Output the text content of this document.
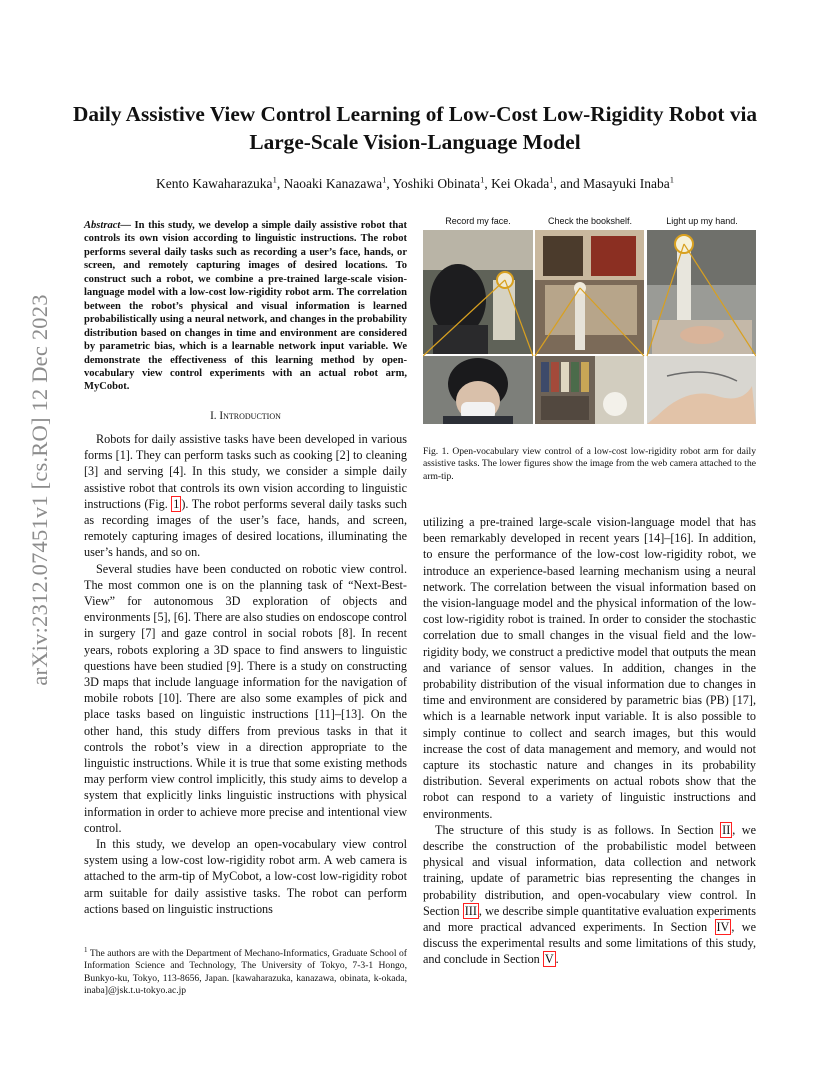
arXiv:2312.07451v1 [cs.RO] 12 Dec 2023
Daily Assistive View Control Learning of Low-Cost Low-Rigidity Robot via Large-Scale Vision-Language Model
Kento Kawaharazuka$^1$, Naoaki Kanazawa$^1$, Yoshiki Obinata$^1$, Kei Okada$^1$, and Masayuki Inaba$^1$
Abstract— In this study, we develop a simple daily assistive robot that controls its own vision according to linguistic instructions. The robot performs several daily tasks such as recording a user’s face, hands, or screen, and remotely capturing images of desired locations. To construct such a robot, we combine a pre-trained large-scale vision-language model with a low-cost low-rigidity robot arm. The correlation between the robot’s physical and visual information is learned probabilistically using a neural network, and changes in the probability distribution based on changes in time and environment are considered by parametric bias, which is a learnable network input variable. We demonstrate the effectiveness of this learning method by open-vocabulary view control experiments with an actual robot arm, MyCobot.
I. Introduction

Robots for daily assistive tasks have been developed in various forms [1]. They can perform tasks such as cooking [2] to cleaning [3] and serving [4]. In this study, we consider a simple daily assistive robot that controls its own vision according to linguistic instructions (Fig. 1 ). The robot performs several daily tasks such as recording images of the user’s face, hands, and screen, remotely capturing images of desired locations, illuminating the user’s hands, and so on.

Several studies have been conducted on robotic view control. The most common one is on the planning task of “Next-Best-View” for autonomous 3D exploration of objects and environments [5], [6]. There are also studies on endoscope control in surgery [7] and gaze control in social robots [8]. In recent years, robots exploring a 3D space to find answers to linguistic questions have been studied [9]. There is a study on constructing 3D maps that include language information for the navigation of mobile robots [10]. There are also some examples of pick and place tasks based on linguistic instructions [11]–[13]. On the other hand, this study differs from previous tasks in that it controls the robot’s view in a direction appropriate to the linguistic instructions. While it is true that some existing methods may perform view control implicitly, this study aims to develop a system that explicitly links linguistic instructions with physical information in order to achieve more precise and intentional view control.

In this study, we develop an open-vocabulary view control system using a low-cost low-rigidity robot arm. A web camera is attached to the arm-tip of MyCobot, a low-cost low-rigidity robot arm suitable for daily assistive tasks. The robot can perform actions based on linguistic instructions

$^1$ The authors are with the Department of Mechano-Informatics, Graduate School of Information Science and Technology, The University of Tokyo, 7-3-1 Hongo, Bunkyo-ku, Tokyo, 113-8656, Japan. [kawaharazuka, kanazawa, obinata, k-okada, inaba]@jsk.t.u-tokyo.ac.jp
Record my face.	Check the bookshelf.	Light up my hand.
Fig. 1. Open-vocabulary view control of a low-cost low-rigidity robot arm for daily assistive tasks. The lower figures show the image from the web camera attached to the arm-tip.

utilizing a pre-trained large-scale vision-language model that has been remarkably developed in recent years [14]–[16]. In addition, to ensure the performance of the low-cost low-rigidity robot, we introduce an experience-based learning mechanism using a neural network. The correlation between the visual information based on the vision-language model and the physical information of the low-cost low-rigidity robot is trained. In order to consider the stochastic correlation due to small changes in the visual field and the low-rigidity body, we construct a predictive model that outputs the mean and variance of sensor values. In addition, changes in the probability distribution of the visual information due to changes in time and environment are considered by parametric bias (PB) [17], which is a learnable network input variable. It is also possible to simply continue to collect and search images, but this would increase the cost of data management and memory, and would not capture its stochastic nature and changes in its probability distribution. Several experiments on actual robots show that the robot can respond to a variety of linguistic instructions and environments.

The structure of this study is as follows. In Section II , we describe the construction of the probabilistic model between physical and visual information, data collection and network training, update of parametric bias representing the changes in probability distribution, and open-vocabulary view control. In Section III , we describe simple quantitative evaluation experiments and more practical advanced experiments. In Section IV , we discuss the experimental results and some limitations of this study, and conclude in Section V .
